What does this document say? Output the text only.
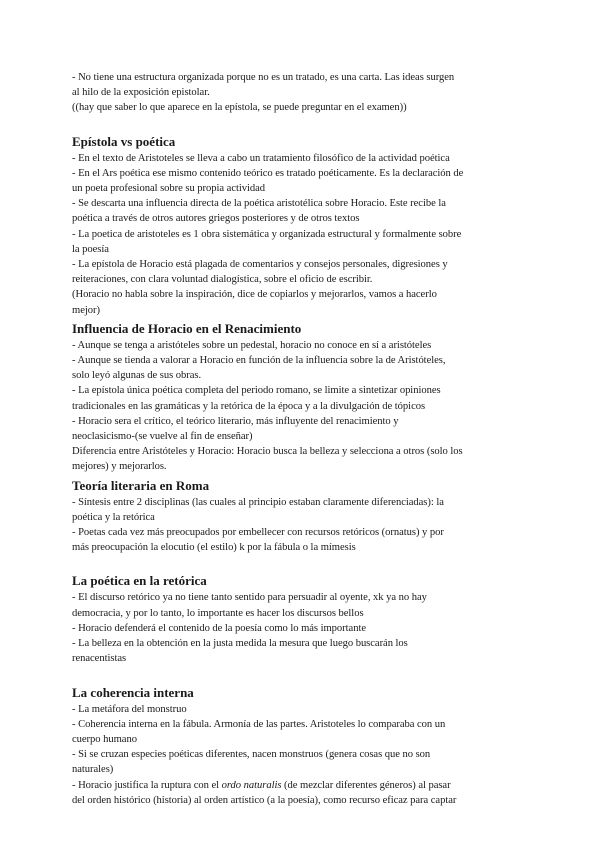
- No tiene una estructura organizada porque no es un tratado, es una carta. Las ideas surgen

al hilo de la exposición epistolar.

((hay que saber lo que aparece en la epístola, se puede preguntar en el examen))

Epístola vs poética

- En el texto de Aristoteles se lleva a cabo un tratamiento filosófico de la actividad poética

- En el Ars poética ese mismo contenido teórico es tratado poéticamente. Es la declaración de

un poeta profesional sobre su propia actividad

- Se descarta una influencia directa de la poética aristotélica sobre Horacio. Este recibe la

poética a través de otros autores griegos posteriores y de otros textos

- La poetica de aristoteles es 1 obra sistemática y organizada estructural y formalmente sobre

la poesía

- La epístola de Horacio está plagada de comentarios y consejos personales, digresiones y

reiteraciones, con clara voluntad dialogística, sobre el oficio de escribir.

(Horacio no habla sobre la inspiración, dice de copiarlos y mejorarlos, vamos a hacerlo

mejor)

Influencia de Horacio en el Renacimiento

- Aunque se tenga a aristóteles sobre un pedestal, horacio no conoce en sí a aristóteles

- Aunque se tienda a valorar a Horacio en función de la influencia sobre la de Aristóteles,

solo leyó algunas de sus obras.

- La epístola única poética completa del periodo romano, se limite a sintetizar opiniones

tradicionales en las gramáticas y la retórica de la época y a la divulgación de tópicos

- Horacio sera el crítico, el teórico literario, más influyente del renacimiento y

neoclasicismo-(se vuelve al fin de enseñar)

Diferencia entre Aristóteles y Horacio: Horacio busca la belleza y selecciona a otros (solo los

mejores) y mejorarlos.

Teoría literaria en Roma

- Síntesis entre 2 disciplinas (las cuales al principio estaban claramente diferenciadas): la

poética y la retórica

- Poetas cada vez más preocupados por embellecer con recursos retóricos (ornatus) y por

más preocupación la elocutio (el estilo) k por la fábula o la mímesis

La poética en la retórica

- El discurso retórico ya no tiene tanto sentido para persuadir al oyente, xk ya no hay

democracia, y por lo tanto, lo importante es hacer los discursos bellos

- Horacio defenderá el contenido de la poesía como lo más importante

- La belleza en la obtención en la justa medida la mesura que luego buscarán los

renacentistas

La coherencia interna

- La metáfora del monstruo

- Coherencia interna en la fábula. Armonía de las partes. Aristoteles lo comparaba con un

cuerpo humano

- Si se cruzan especies poéticas diferentes, nacen monstruos (genera cosas que no son

naturales)

- Horacio justifica la ruptura con el ordo naturalis (de mezclar diferentes géneros) al pasar

del orden histórico (historia) al orden artístico (a la poesía), como recurso eficaz para captar
